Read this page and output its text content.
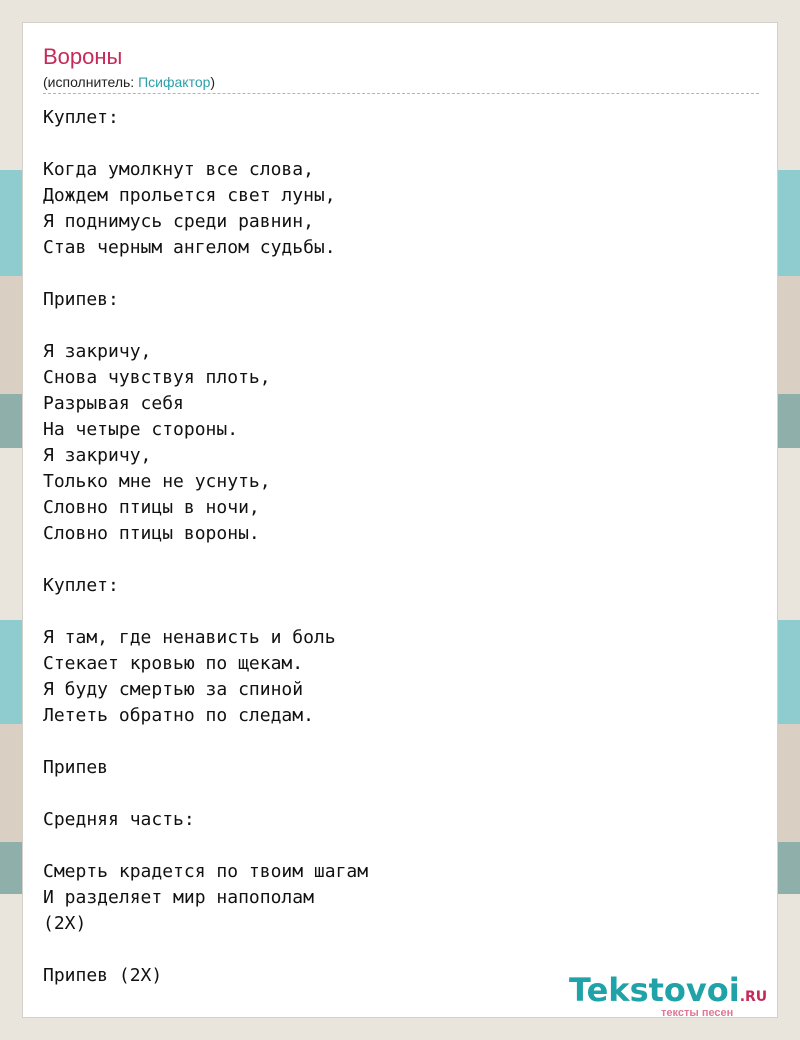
Вороны
(исполнитель: Псифактор)
Куплет:

Когда умолкнут все слова,
Дождем прольется свет луны,
Я поднимусь среди равнин,
Став черным ангелом судьбы.

Припев:

Я закричу,
Снова чувствуя плоть,
Разрывая себя
На четыре стороны.
Я закричу,
Только мне не уснуть,
Словно птицы в ночи,
Словно птицы вороны.

Куплет:

Я там, где ненависть и боль
Стекает кровью по щекам.
Я буду смертью за спиной
Лететь обратно по следам.

Припев

Средняя часть:

Смерть крадется по твоим шагам
И разделяет мир напополам
(2X)

Припев (2X)	Tekstovoi.RU
тексты песен
